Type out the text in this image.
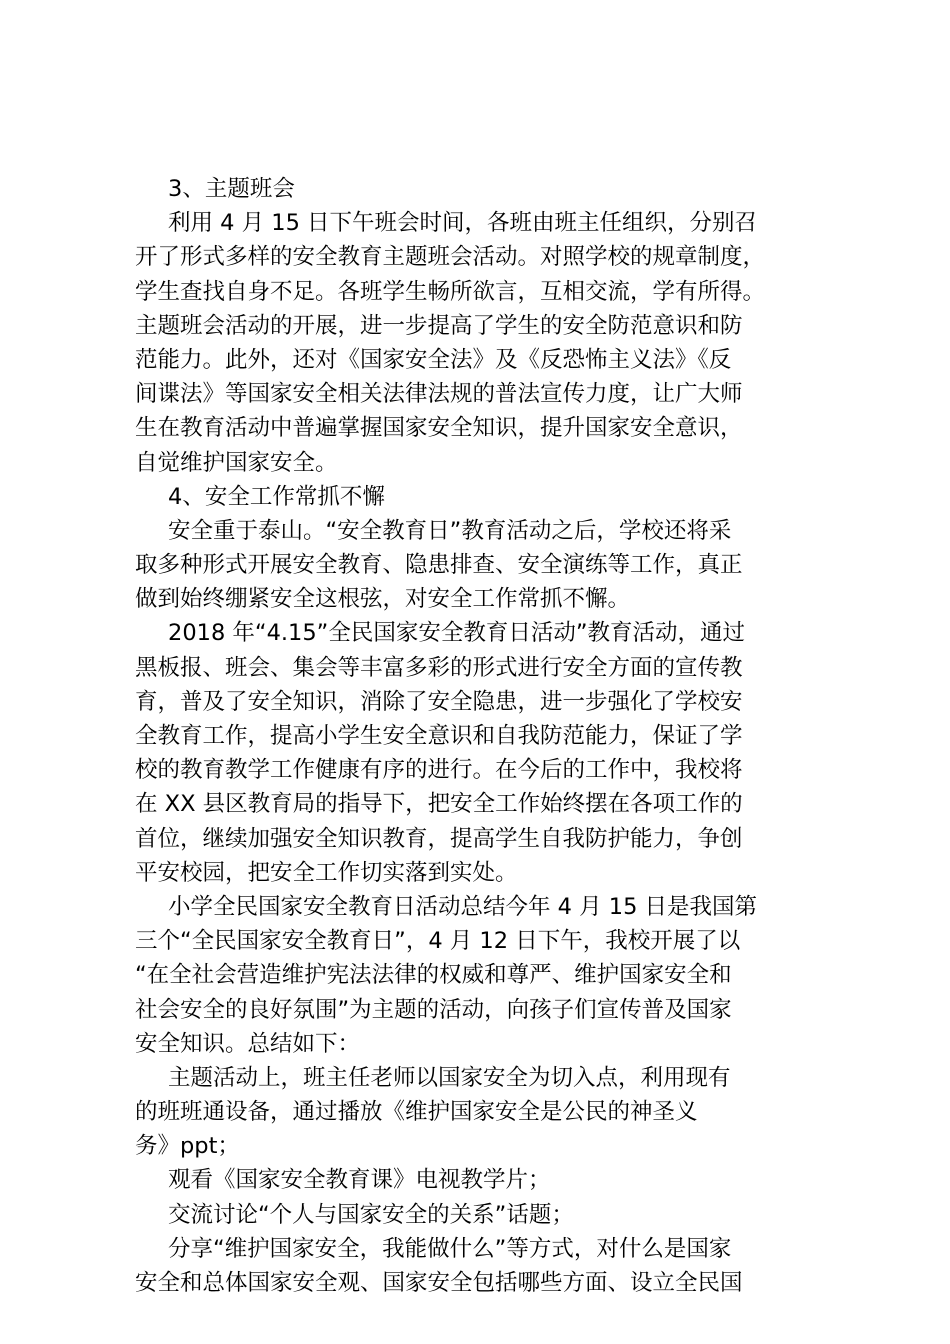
3、主题班会
利用 4 月 15 日下午班会时间，各班由班主任组织，分别召
开了形式多样的安全教育主题班会活动。对照学校的规章制度，
学生查找自身不足。各班学生畅所欲言，互相交流，学有所得。
主题班会活动的开展，进一步提高了学生的安全防范意识和防
范能力。此外，还对《国家安全法》及《反恐怖主义法》《反
间谍法》等国家安全相关法律法规的普法宣传力度，让广大师
生在教育活动中普遍掌握国家安全知识，提升国家安全意识，
自觉维护国家安全。
4、安全工作常抓不懈
安全重于泰山。“安全教育日”教育活动之后，学校还将采
取多种形式开展安全教育、隐患排查、安全演练等工作，真正
做到始终绷紧安全这根弦，对安全工作常抓不懈。
2018 年“4.15”全民国家安全教育日活动”教育活动，通过
黑板报、班会、集会等丰富多彩的形式进行安全方面的宣传教
育，普及了安全知识，消除了安全隐患，进一步强化了学校安
全教育工作，提高小学生安全意识和自我防范能力，保证了学
校的教育教学工作健康有序的进行。在今后的工作中，我校将
在 XX 县区教育局的指导下，把安全工作始终摆在各项工作的
首位，继续加强安全知识教育，提高学生自我防护能力，争创
平安校园，把安全工作切实落到实处。
小学全民国家安全教育日活动总结今年 4 月 15 日是我国第
三个“全民国家安全教育日”，4 月 12 日下午，我校开展了以
“在全社会营造维护宪法法律的权威和尊严、维护国家安全和
社会安全的良好氛围”为主题的活动，向孩子们宣传普及国家
安全知识。总结如下：
主题活动上，班主任老师以国家安全为切入点，利用现有
的班班通设备，通过播放《维护国家安全是公民的神圣义
务》ppt；
观看《国家安全教育课》电视教学片；
交流讨论“个人与国家安全的关系”话题；
分享“维护国家安全，我能做什么”等方式，对什么是国家
安全和总体国家安全观、国家安全包括哪些方面、设立全民国
